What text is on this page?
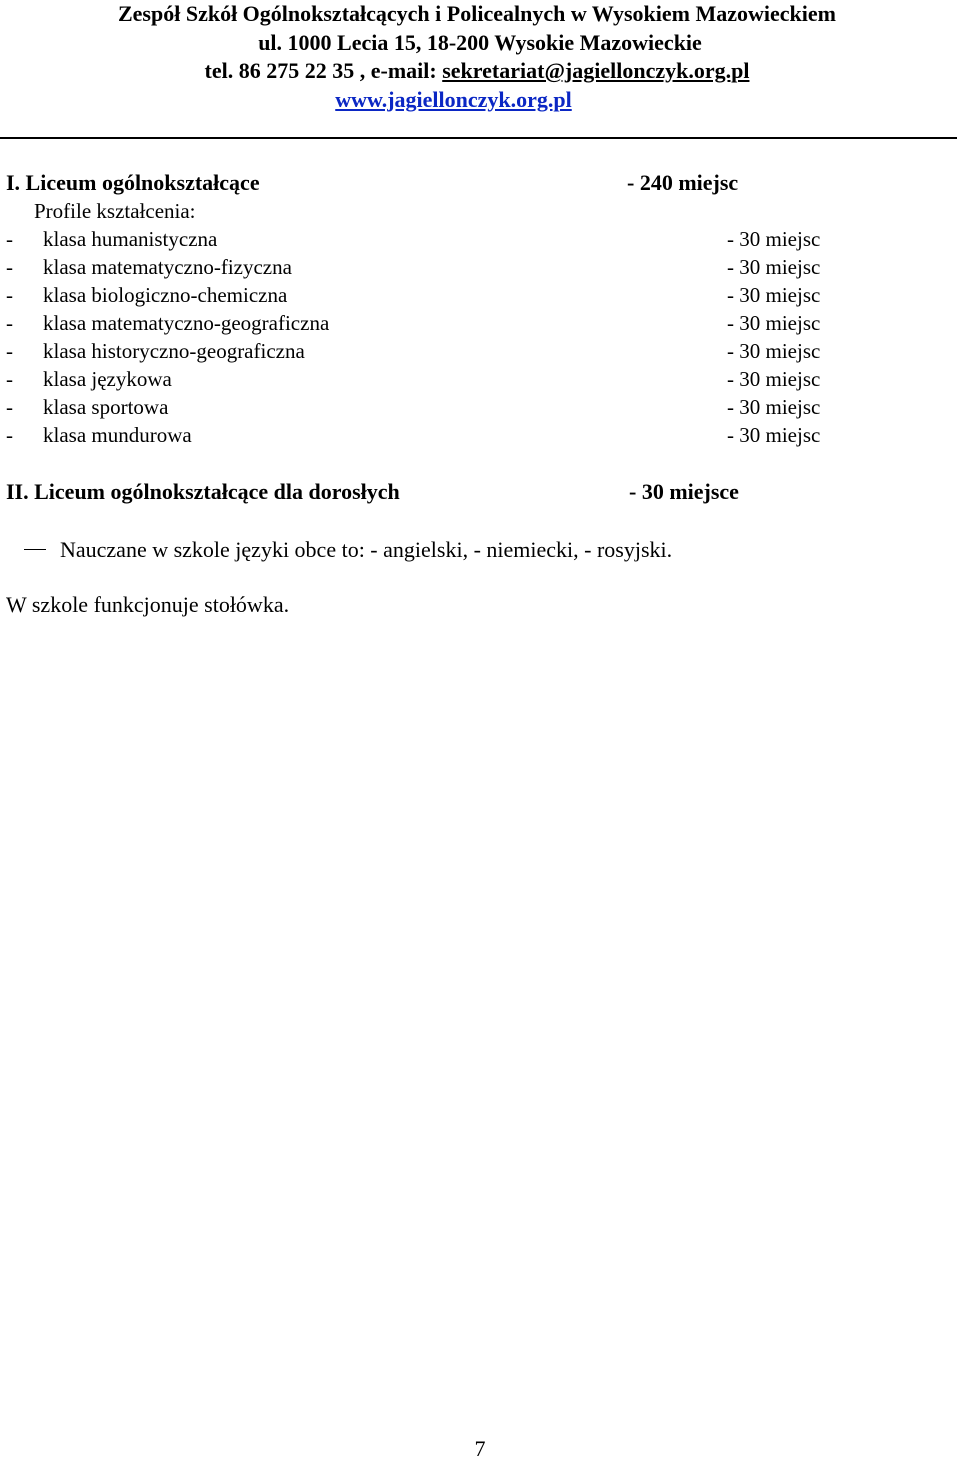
Zespół Szkół Ogólnokształcących i Policealnych w Wysokiem Mazowieckiem
ul. 1000 Lecia 15, 18-200 Wysokie Mazowieckie
tel. 86 275 22 35 , e-mail: sekretariat@jagiellonczyk.org.pl
www.jagiellonczyk.org.pl
I. Liceum ogólnokształcące	- 240 miejsc
Profile kształcenia:
- klasa humanistyczna	- 30 miejsc
- klasa matematyczno-fizyczna	- 30 miejsc
- klasa biologiczno-chemiczna	- 30 miejsc
- klasa matematyczno-geograficzna	- 30 miejsc
- klasa historyczno-geograficzna	- 30 miejsc
- klasa językowa	- 30 miejsc
- klasa sportowa	- 30 miejsc
- klasa mundurowa	- 30 miejsc
II. Liceum ogólnokształcące dla dorosłych	- 30 miejsce
Nauczane w szkole języki obce to: - angielski, - niemiecki, - rosyjski.
W szkole funkcjonuje stołówka.
7
